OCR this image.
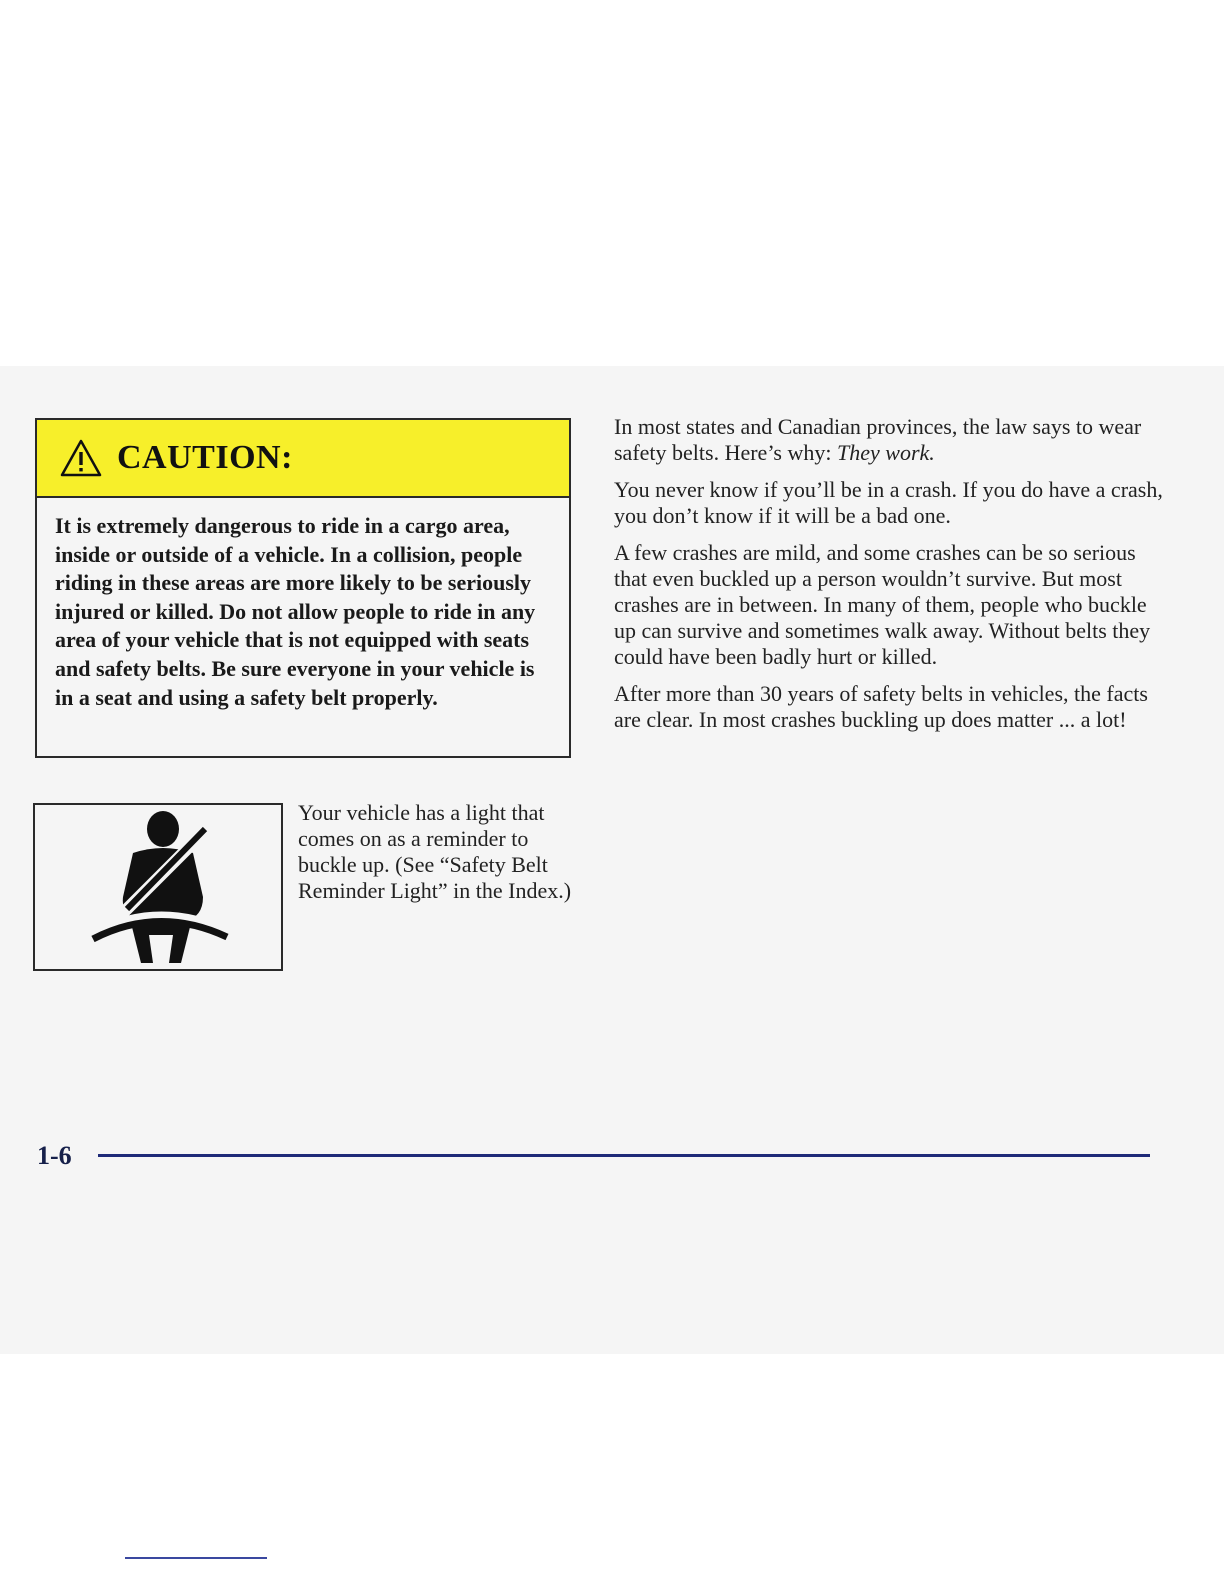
CAUTION:
It is extremely dangerous to ride in a cargo area, inside or outside of a vehicle. In a collision, people riding in these areas are more likely to be seriously injured or killed. Do not allow people to ride in any area of your vehicle that is not equipped with seats and safety belts. Be sure everyone in your vehicle is in a seat and using a safety belt properly.
Your vehicle has a light that comes on as a reminder to buckle up. (See “Safety Belt Reminder Light” in the Index.)

In most states and Canadian provinces, the law says to wear safety belts. Here’s why: They work.

You never know if you’ll be in a crash. If you do have a crash, you don’t know if it will be a bad one.

A few crashes are mild, and some crashes can be so serious that even buckled up a person wouldn’t survive. But most crashes are in between. In many of them, people who buckle up can survive and sometimes walk away. Without belts they could have been badly hurt or killed.

After more than 30 years of safety belts in vehicles, the facts are clear. In most crashes buckling up does matter ... a lot!

1-6
